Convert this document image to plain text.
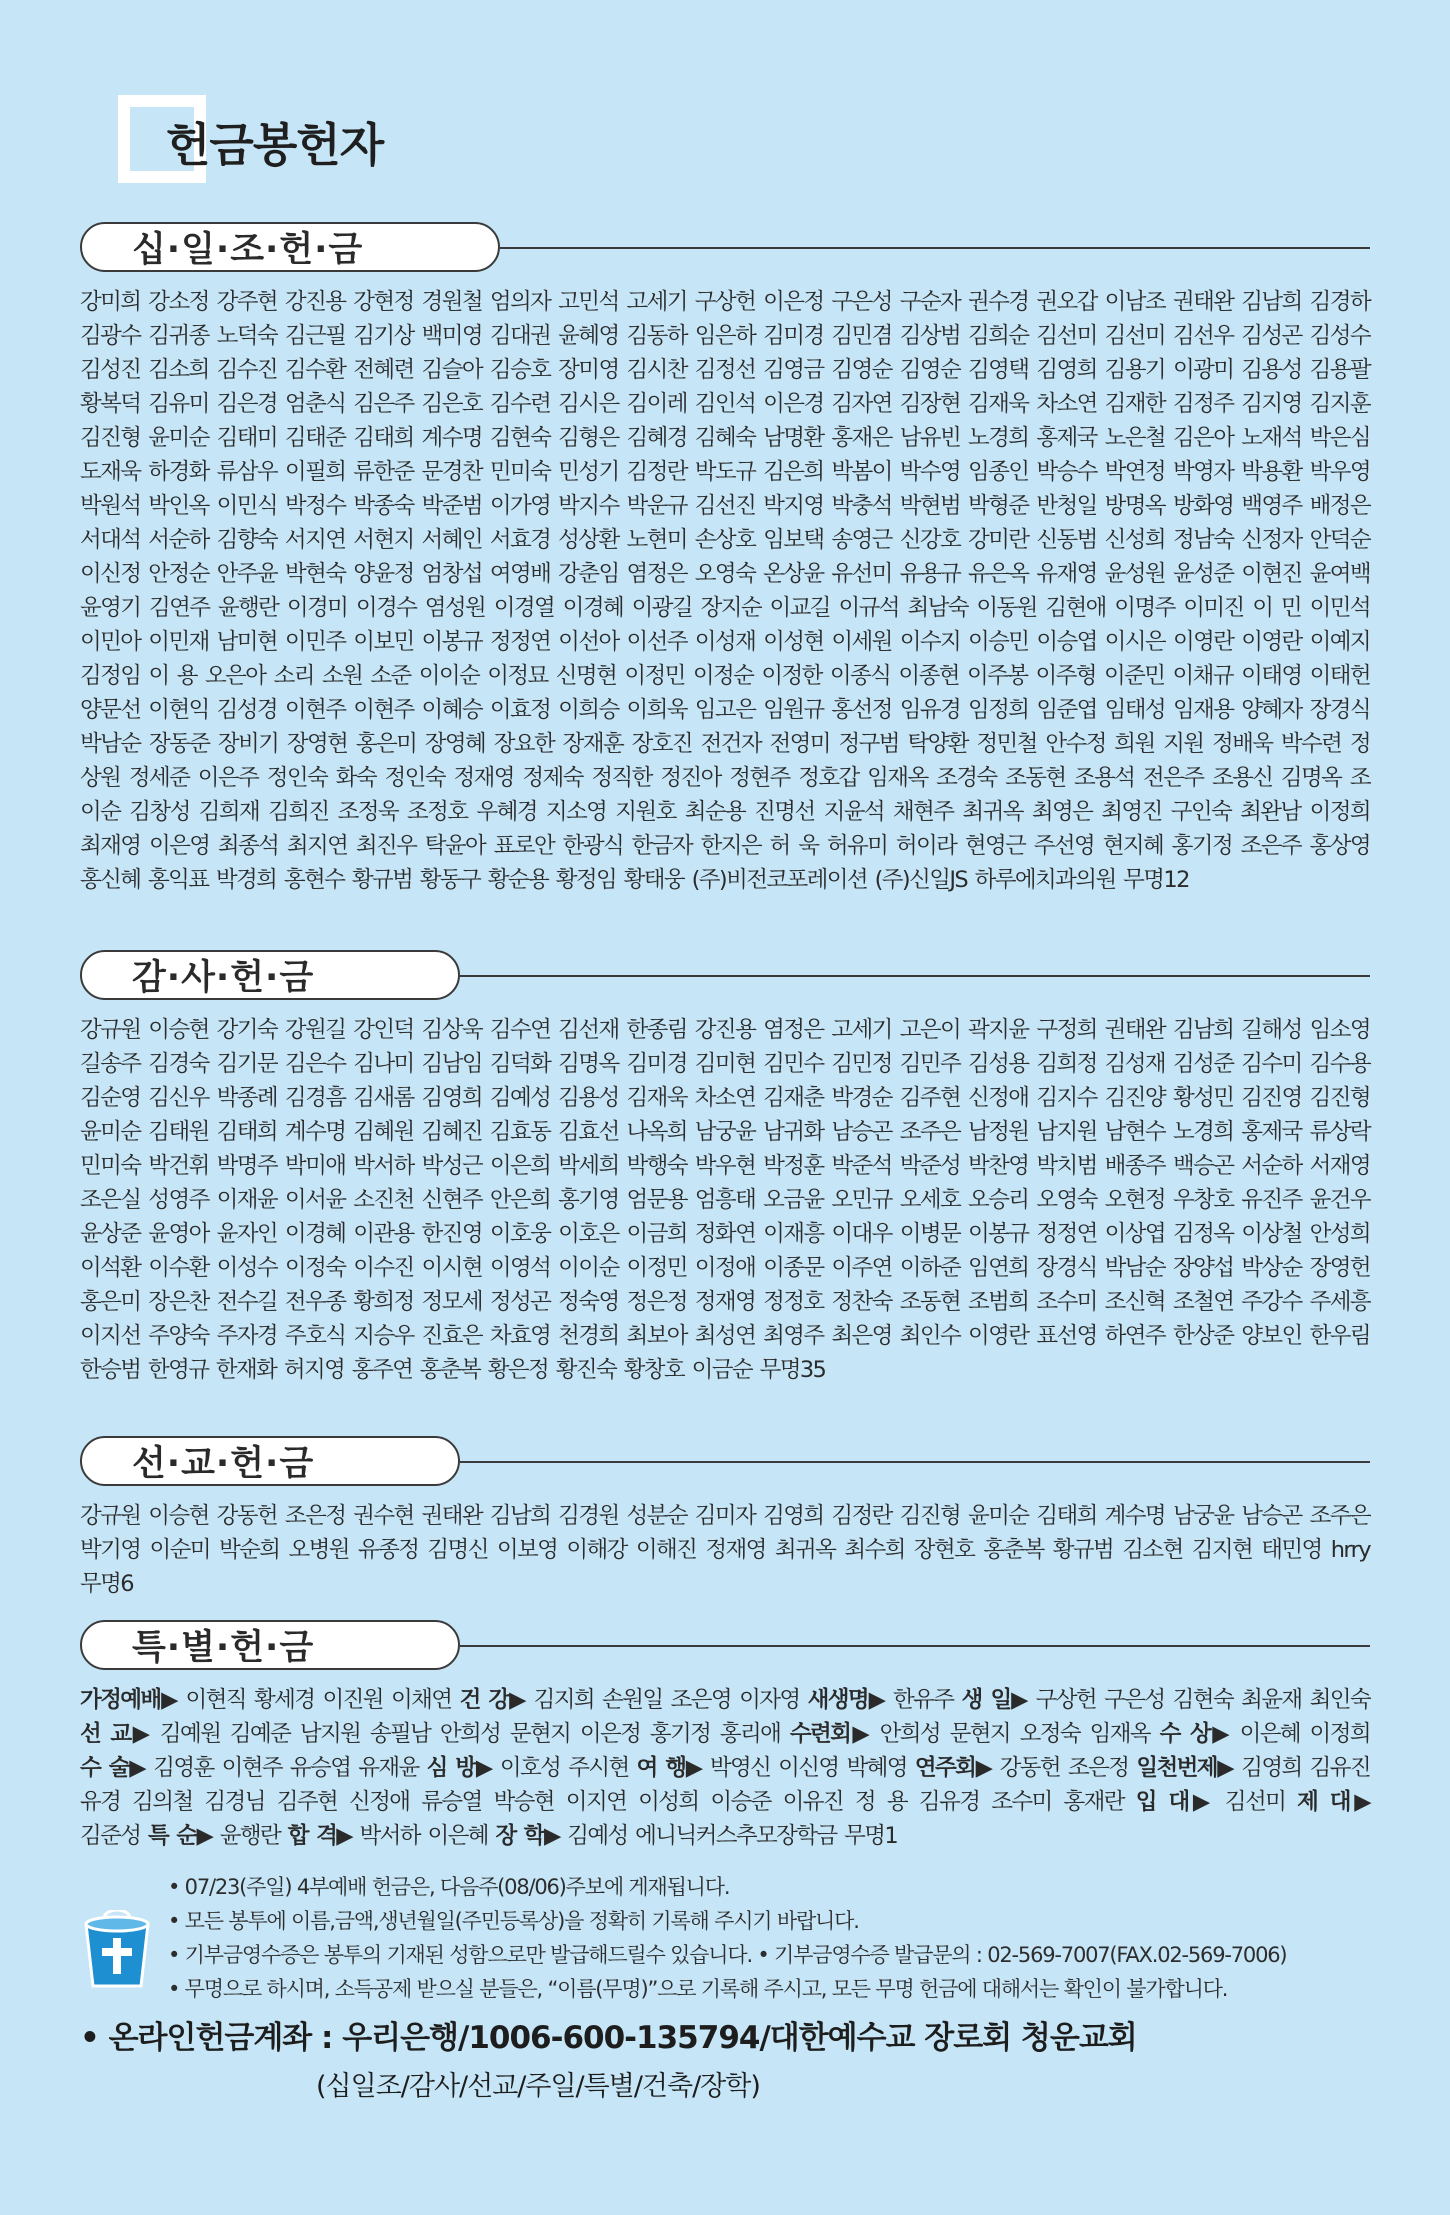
헌금봉헌자
십·일·조·헌·금
강미희 강소정 강주현 강진용 강현정 경원철 엄의자 고민석 고세기 구상헌 이은정 구은성 구순자 권수경 권오갑 이남조 권태완 김남희 김경하 김광수 김귀종 노덕숙 김근필 김기상 백미영 김대권 윤혜영 김동하 임은하 김미경 김민겸 김상범 김희순 김선미 김선미 김선우 김성곤 김성수 김성진 김소희 김수진 김수환 전혜련 김슬아 김승호 장미영 김시찬 김정선 김영금 김영순 김영순 김영택 김영희 김용기 이광미 김용성 김용팔 황복덕 김유미 김은경 엄춘식 김은주 김은호 김수련 김시은 김이레 김인석 이은경 김자연 김장현 김재욱 차소연 김재한 김정주 김지영 김지훈 김진형 윤미순 김태미 김태준 김태희 계수명 김현숙 김형은 김혜경 김혜숙 남명환 홍재은 남유빈 노경희 홍제국 노은철 김은아 노재석 박은심 도재욱 하경화 류삼우 이필희 류한준 문경찬 민미숙 민성기 김정란 박도규 김은희 박봄이 박수영 임종인 박승수 박연정 박영자 박용환 박우영 박원석 박인옥 이민식 박정수 박종숙 박준범 이가영 박지수 박운규 김선진 박지영 박충석 박현범 박형준 반청일 방명옥 방화영 백영주 배정은 서대석 서순하 김향숙 서지연 서현지 서혜인 서효경 성상환 노현미 손상호 임보택 송영근 신강호 강미란 신동범 신성희 정남숙 신정자 안덕순 이신정 안정순 안주윤 박현숙 양윤정 엄창섭 여영배 강춘임 염정은 오영숙 온상윤 유선미 유용규 유은옥 유재영 윤성원 윤성준 이현진 윤여백 윤영기 김연주 윤행란 이경미 이경수 염성원 이경열 이경혜 이광길 장지순 이교길 이규석 최남숙 이동원 김현애 이명주 이미진 이 민 이민석 이민아 이민재 남미현 이민주 이보민 이봉규 정정연 이선아 이선주 이성재 이성현 이세원 이수지 이승민 이승엽 이시은 이영란 이영란 이예지 김정임 이 용 오은아 소리 소원 소준 이이순 이정묘 신명현 이정민 이정순 이정한 이종식 이종현 이주봉 이주형 이준민 이채규 이태영 이태헌 양문선 이현익 김성경 이현주 이현주 이혜승 이효정 이희승 이희욱 임고은 임원규 홍선정 임유경 임정희 임준엽 임태성 임재용 양혜자 장경식 박남순 장동준 장비기 장영현 홍은미 장영혜 장요한 장재훈 장호진 전건자 전영미 정구범 탁양환 정민철 안수정 희원 지원 정배욱 박수련 정상원 정세준 이은주 정인숙 화숙 정인숙 정재영 정제숙 정직한 정진아 정현주 정호갑 임재옥 조경숙 조동현 조용석 전은주 조용신 김명옥 조이순 김창성 김희재 김희진 조정욱 조정호 우혜경 지소영 지원호 최순용 진명선 지윤석 채현주 최귀옥 최영은 최영진 구인숙 최완남 이정희 최재영 이은영 최종석 최지연 최진우 탁윤아 표로안 한광식 한금자 한지은 허 욱 허유미 허이라 현영근 주선영 현지혜 홍기정 조은주 홍상영 홍신혜 홍익표 박경희 홍현수 황규범 황동구 황순용 황정임 황태웅 (주)비전코포레이션 (주)신일JS 하루에치과의원 무명12
감·사·헌·금
강규원 이승현 강기숙 강원길 강인덕 김상욱 김수연 김선재 한종림 강진용 염정은 고세기 고은이 곽지윤 구정희 권태완 김남희 길해성 임소영 길송주 김경숙 김기문 김은수 김나미 김남임 김덕화 김명옥 김미경 김미현 김민수 김민정 김민주 김성용 김희정 김성재 김성준 김수미 김수용 김순영 김신우 박종례 김경흠 김새롬 김영희 김예성 김용성 김재욱 차소연 김재춘 박경순 김주현 신정애 김지수 김진양 황성민 김진영 김진형 윤미순 김태원 김태희 계수명 김혜원 김혜진 김효동 김효선 나옥희 남궁윤 남귀화 남승곤 조주은 남정원 남지원 남현수 노경희 홍제국 류상락 민미숙 박건휘 박명주 박미애 박서하 박성근 이은희 박세희 박행숙 박우현 박정훈 박준석 박준성 박찬영 박치범 배종주 백승곤 서순하 서재영 조은실 성영주 이재윤 이서윤 소진천 신현주 안은희 홍기영 엄문용 엄흥태 오금윤 오민규 오세호 오승리 오영숙 오현정 우창호 유진주 윤건우 윤상준 윤영아 윤자인 이경혜 이관용 한진영 이호웅 이호은 이금희 정화연 이재흥 이대우 이병문 이봉규 정정연 이상엽 김정옥 이상철 안성희 이석환 이수환 이성수 이정숙 이수진 이시현 이영석 이이순 이정민 이정애 이종문 이주연 이하준 임연희 장경식 박남순 장양섭 박상순 장영헌 홍은미 장은찬 전수길 전우종 황희정 정모세 정성곤 정숙영 정은정 정재영 정정호 정찬숙 조동현 조범희 조수미 조신혁 조철연 주강수 주세흥 이지선 주양숙 주자경 주호식 지승우 진효은 차효영 천경희 최보아 최성연 최영주 최은영 최인수 이영란 표선영 하연주 한상준 양보인 한우림 한승범 한영규 한재화 허지영 홍주연 홍춘복 황은정 황진숙 황창호 이금순 무명35
선·교·헌·금
강규원 이승현 강동헌 조은정 권수현 권태완 김남희 김경원 성분순 김미자 김영희 김정란 김진형 윤미순 김태희 계수명 남궁윤 남승곤 조주은 박기영 이순미 박순희 오병원 유종정 김명신 이보영 이해강 이해진 정재영 최귀옥 최수희 장현호 홍춘복 황규범 김소현 김지현 태민영 hrry 무명6
특·별·헌·금
가정예배▶ 이현직 황세경 이진원 이채연 건 강▶ 김지희 손원일 조은영 이자영 새생명▶ 한유주 생 일▶ 구상헌 구은성 김현숙 최윤재 최인숙
선 교▶ 김예원 김예준 남지원 송필남 안희성 문현지 이은정 홍기정 홍리애 수련회▶ 안희성 문현지 오정숙 임재옥 수 상▶ 이은혜 이정희
수 술▶ 김영훈 이현주 유승엽 유재윤 심 방▶ 이호성 주시현 여 행▶ 박영신 이신영 박혜영 연주회▶ 강동헌 조은정 일천번제▶ 김영희 김유진
유경 김의철 김경님 김주현 신정애 류승열 박승현 이지연 이성희 이승준 이유진 정 용 김유경 조수미 홍재란 입 대▶ 김선미 제 대▶
김준성 특 순▶ 윤행란 합 격▶ 박서하 이은혜 장 학▶ 김예성 에니닉커스추모장학금 무명1
• 07/23(주일) 4부예배 헌금은, 다음주(08/06)주보에 게재됩니다.
• 모든 봉투에 이름,금액,생년월일(주민등록상)을 정확히 기록해 주시기 바랍니다.
• 기부금영수증은 봉투의 기재된 성함으로만 발급해드릴수 있습니다. • 기부금영수증 발급문의 : 02-569-7007(FAX.02-569-7006)
• 무명으로 하시며, 소득공제 받으실 분들은, “이름(무명)”으로 기록해 주시고, 모든 무명 헌금에 대해서는 확인이 불가합니다.
• 온라인헌금계좌 : 우리은행/1006-600-135794/대한예수교 장로회 청운교회
(십일조/감사/선교/주일/특별/건축/장학)
